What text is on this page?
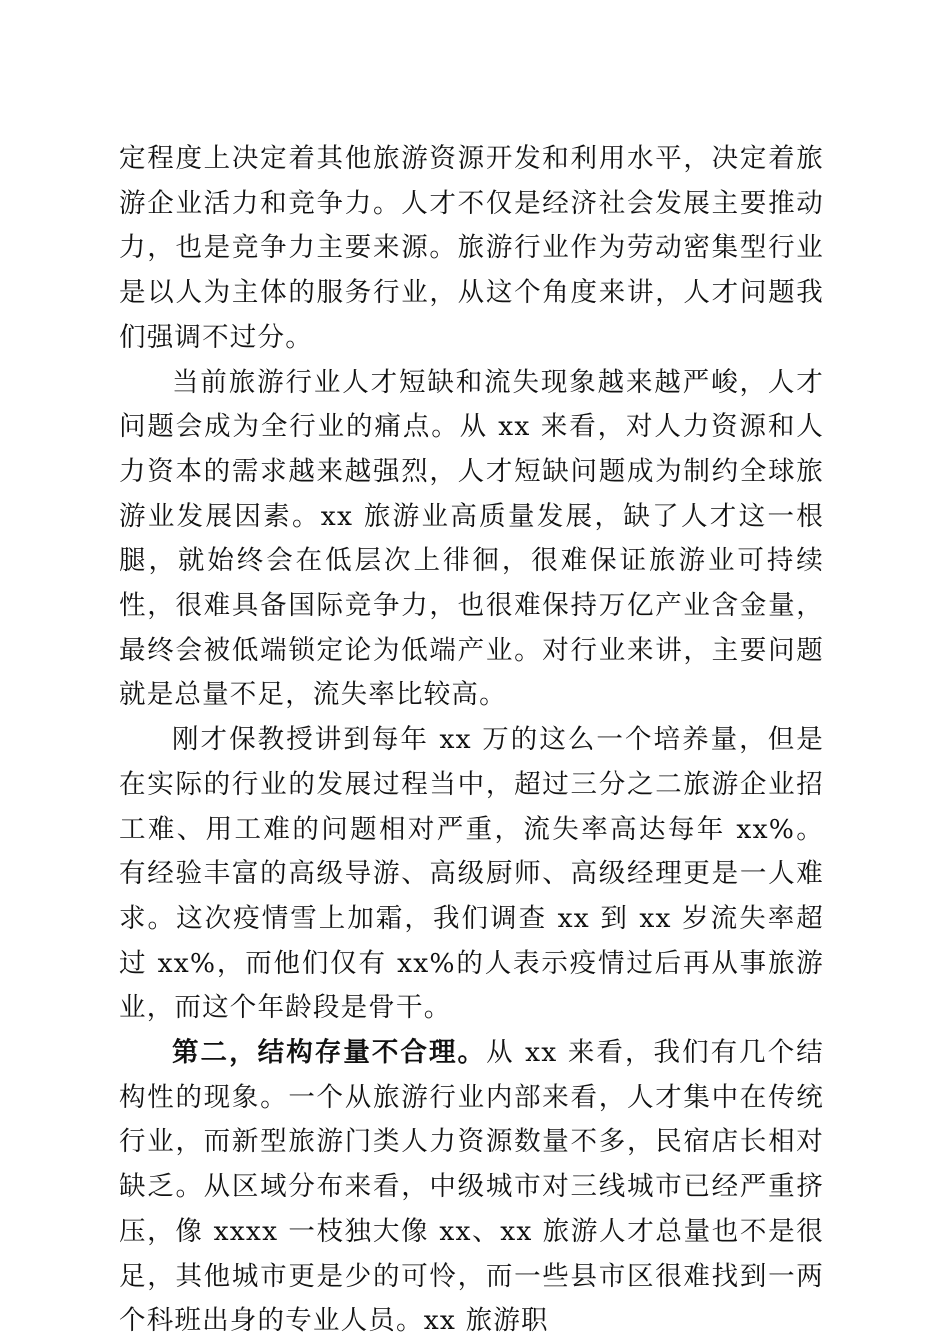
定程度上决定着其他旅游资源开发和利用水平，决定着旅游企业活力和竞争力。人才不仅是经济社会发展主要推动力，也是竞争力主要来源。旅游行业作为劳动密集型行业是以人为主体的服务行业，从这个角度来讲，人才问题我们强调不过分。

当前旅游行业人才短缺和流失现象越来越严峻，人才问题会成为全行业的痛点。从 xx 来看，对人力资源和人力资本的需求越来越强烈，人才短缺问题成为制约全球旅游业发展因素。xx 旅游业高质量发展，缺了人才这一根腿，就始终会在低层次上徘徊，很难保证旅游业可持续性，很难具备国际竞争力，也很难保持万亿产业含金量，最终会被低端锁定论为低端产业。对行业来讲，主要问题就是总量不足，流失率比较高。

刚才保教授讲到每年 xx 万的这么一个培养量，但是在实际的行业的发展过程当中，超过三分之二旅游企业招工难、用工难的问题相对严重，流失率高达每年 xx%。有经验丰富的高级导游、高级厨师、高级经理更是一人难求。这次疫情雪上加霜，我们调查 xx 到 xx 岁流失率超过 xx%，而他们仅有 xx%的人表示疫情过后再从事旅游业，而这个年龄段是骨干。

第二，结构存量不合理。从 xx 来看，我们有几个结构性的现象。一个从旅游行业内部来看，人才集中在传统行业，而新型旅游门类人力资源数量不多，民宿店长相对缺乏。从区域分布来看，中级城市对三线城市已经严重挤压，像 xxxx 一枝独大像 xx、xx 旅游人才总量也不是很足，其他城市更是少的可怜，而一些县市区很难找到一两个科班出身的专业人员。xx 旅游职
